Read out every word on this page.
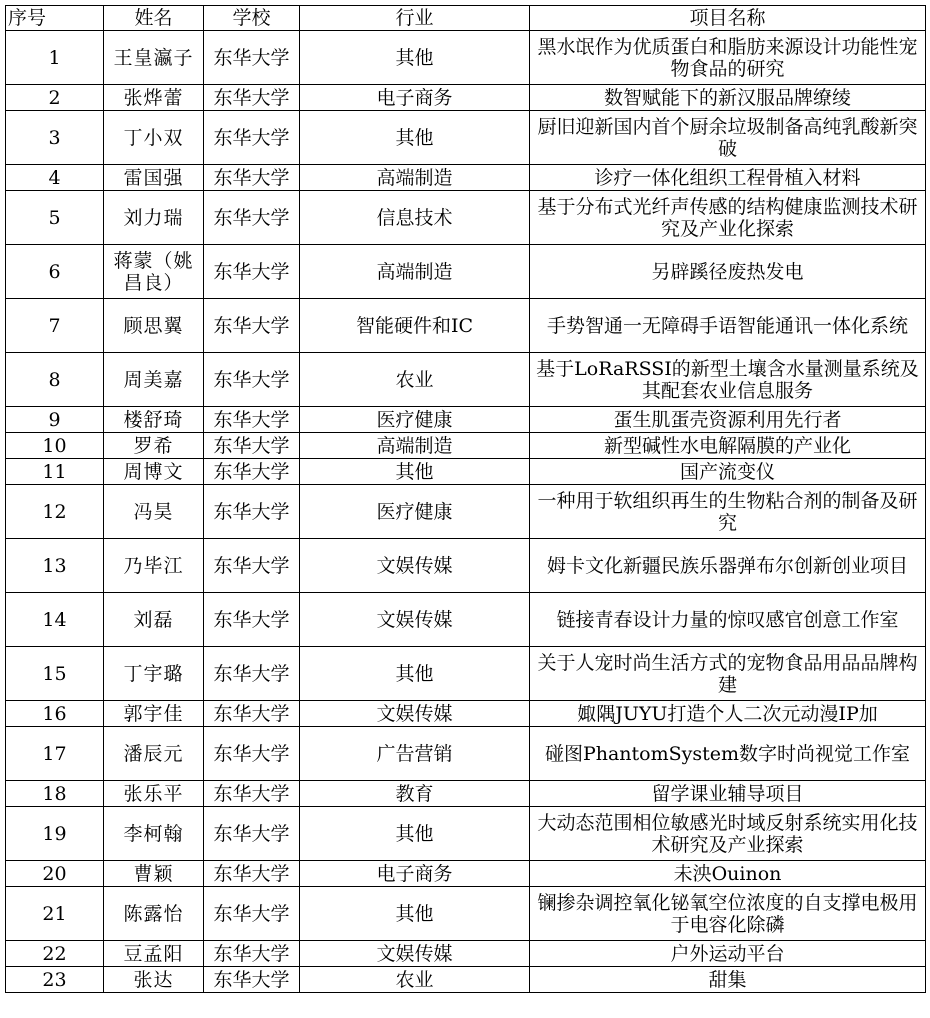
序号	姓名	学校	行业	项目名称
1	王皇瀛子	东华大学	其他	黑水氓作为优质蛋白和脂肪来源设计功能性宠物食品的研究
2	张烨蕾	东华大学	电子商务	数智赋能下的新汉服品牌缭绫
3	丁小双	东华大学	其他	厨旧迎新国内首个厨余垃圾制备高纯乳酸新突破
4	雷国强	东华大学	高端制造	诊疗一体化组织工程骨植入材料
5	刘力瑞	东华大学	信息技术	基于分布式光纤声传感的结构健康监测技术研究及产业化探索
6	蒋蒙（姚昌良）	东华大学	高端制造	另辟蹊径废热发电
7	顾思翼	东华大学	智能硬件和IC	手势智通一无障碍手语智能通讯一体化系统
8	周美嘉	东华大学	农业	基于LoRaRSSI的新型土壤含水量测量系统及其配套农业信息服务
9	楼舒琦	东华大学	医疗健康	蛋生肌蛋壳资源利用先行者
10	罗希	东华大学	高端制造	新型碱性水电解隔膜的产业化
11	周博文	东华大学	其他	国产流变仪
12	冯昊	东华大学	医疗健康	一种用于软组织再生的生物粘合剂的制备及研究
13	乃毕江	东华大学	文娱传媒	姆卡文化新疆民族乐器弹布尔创新创业项目
14	刘磊	东华大学	文娱传媒	链接青春设计力量的惊叹感官创意工作室
15	丁宇璐	东华大学	其他	关于人宠时尚生活方式的宠物食品用品品牌构建
16	郭宇佳	东华大学	文娱传媒	娵隅JUYU打造个人二次元动漫IP加
17	潘辰元	东华大学	广告营销	碰图PhantomSystem数字时尚视觉工作室
18	张乐平	东华大学	教育	留学课业辅导项目
19	李柯翰	东华大学	其他	大动态范围相位敏感光时域反射系统实用化技术研究及产业探索
20	曹颖	东华大学	电子商务	未泱Ouinon
21	陈露怡	东华大学	其他	镧掺杂调控氧化铋氧空位浓度的自支撑电极用于电容化除磷
22	豆孟阳	东华大学	文娱传媒	户外运动平台
23	张达	东华大学	农业	甜集
